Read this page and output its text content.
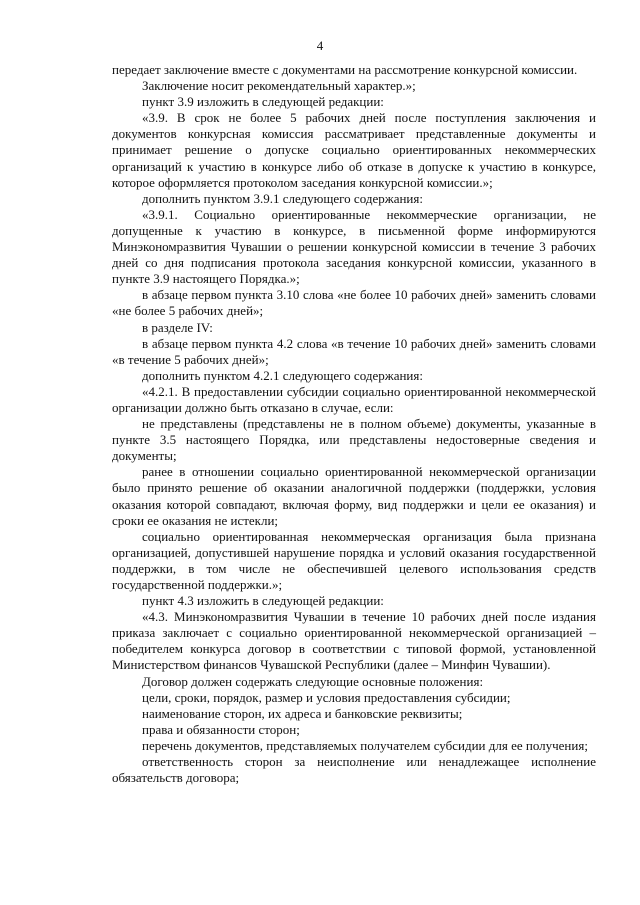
4

передает заключение вместе с документами на рассмотрение конкурсной комиссии.

Заключение носит рекомендательный характер.»;

пункт 3.9 изложить в следующей редакции:

«3.9. В срок не более 5 рабочих дней после поступления заключения и документов конкурсная комиссия рассматривает представленные документы и принимает решение о допуске социально ориентированных некоммерческих организаций к участию в конкурсе либо об отказе в допуске к участию в конкурсе, которое оформляется протоколом заседания конкурсной комиссии.»;

дополнить пунктом 3.9.1 следующего содержания:

«3.9.1. Социально ориентированные некоммерческие организации, не допущенные к участию в конкурсе, в письменной форме информируются Минэкономразвития Чувашии о решении конкурсной комиссии в течение 3 рабочих дней со дня подписания протокола заседания конкурсной комиссии, указанного в пункте 3.9 настоящего Порядка.»;

в абзаце первом пункта 3.10 слова «не более 10 рабочих дней» заменить словами «не более 5 рабочих дней»;

в разделе IV:

в абзаце первом пункта 4.2 слова «в течение 10 рабочих дней» заменить словами «в течение 5 рабочих дней»;

дополнить пунктом 4.2.1 следующего содержания:

«4.2.1. В предоставлении субсидии социально ориентированной некоммерческой организации должно быть отказано в случае, если:

не представлены (представлены не в полном объеме) документы, указанные в пункте 3.5 настоящего Порядка, или представлены недостоверные сведения и документы;

ранее в отношении социально ориентированной некоммерческой организации было принято решение об оказании аналогичной поддержки (поддержки, условия оказания которой совпадают, включая форму, вид поддержки и цели ее оказания) и сроки ее оказания не истекли;

социально ориентированная некоммерческая организация была признана организацией, допустившей нарушение порядка и условий оказания государственной поддержки, в том числе не обеспечившей целевого использования средств государственной поддержки.»;

пункт 4.3 изложить в следующей редакции:

«4.3. Минэкономразвития Чувашии в течение 10 рабочих дней после издания приказа заключает с социально ориентированной некоммерческой организацией – победителем конкурса договор в соответствии с типовой формой, установленной Министерством финансов Чувашской Республики (далее – Минфин Чувашии).

Договор должен содержать следующие основные положения:

цели, сроки, порядок, размер и условия предоставления субсидии;

наименование сторон, их адреса и банковские реквизиты;

права и обязанности сторон;

перечень документов, представляемых получателем субсидии для ее получения;

ответственность сторон за неисполнение или ненадлежащее исполнение обязательств договора;
